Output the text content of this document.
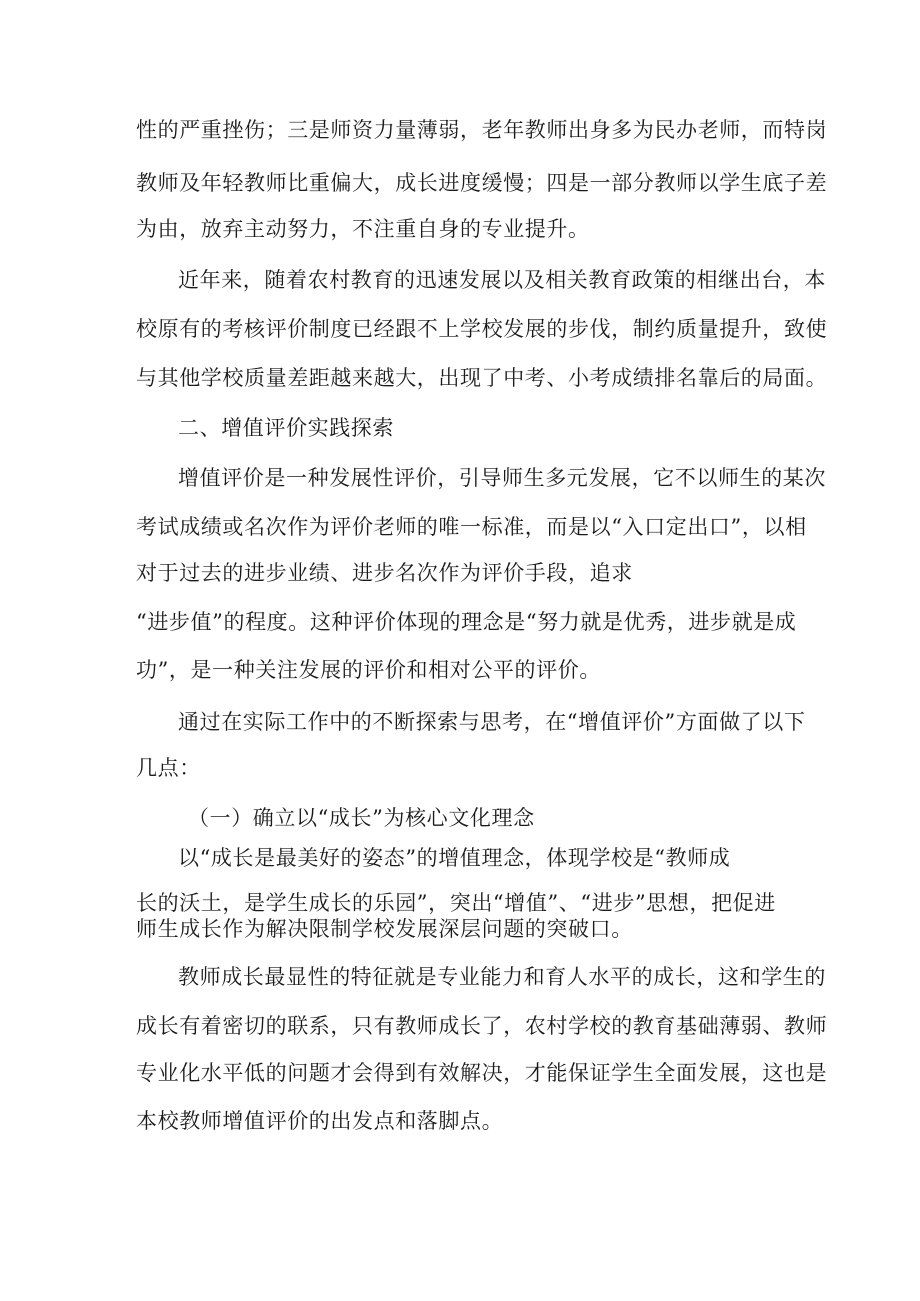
性的严重挫伤；三是师资力量薄弱，老年教师出身多为民办老师，而特岗
教师及年轻教师比重偏大，成长进度缓慢；四是一部分教师以学生底子差
为由，放弃主动努力，不注重自身的专业提升。
近年来，随着农村教育的迅速发展以及相关教育政策的相继出台，本
校原有的考核评价制度已经跟不上学校发展的步伐，制约质量提升，致使
与其他学校质量差距越来越大，出现了中考、小考成绩排名靠后的局面。
二、增值评价实践探索
增值评价是一种发展性评价，引导师生多元发展，它不以师生的某次
考试成绩或名次作为评价老师的唯一标准，而是以“入口定出口”，以相
对于过去的进步业绩、进步名次作为评价手段，追求
“进步值”的程度。这种评价体现的理念是“努力就是优秀，进步就是成
功”，是一种关注发展的评价和相对公平的评价。
通过在实际工作中的不断探索与思考，在“增值评价”方面做了以下
几点：
（一）确立以“成长”为核心文化理念
以“成长是最美好的姿态”的增值理念，体现学校是“教师成
长的沃土，是学生成长的乐园”，突出“增值”、“进步”思想，把促进
师生成长作为解决限制学校发展深层问题的突破口。
教师成长最显性的特征就是专业能力和育人水平的成长，这和学生的
成长有着密切的联系，只有教师成长了，农村学校的教育基础薄弱、教师
专业化水平低的问题才会得到有效解决，才能保证学生全面发展，这也是
本校教师增值评价的出发点和落脚点。
